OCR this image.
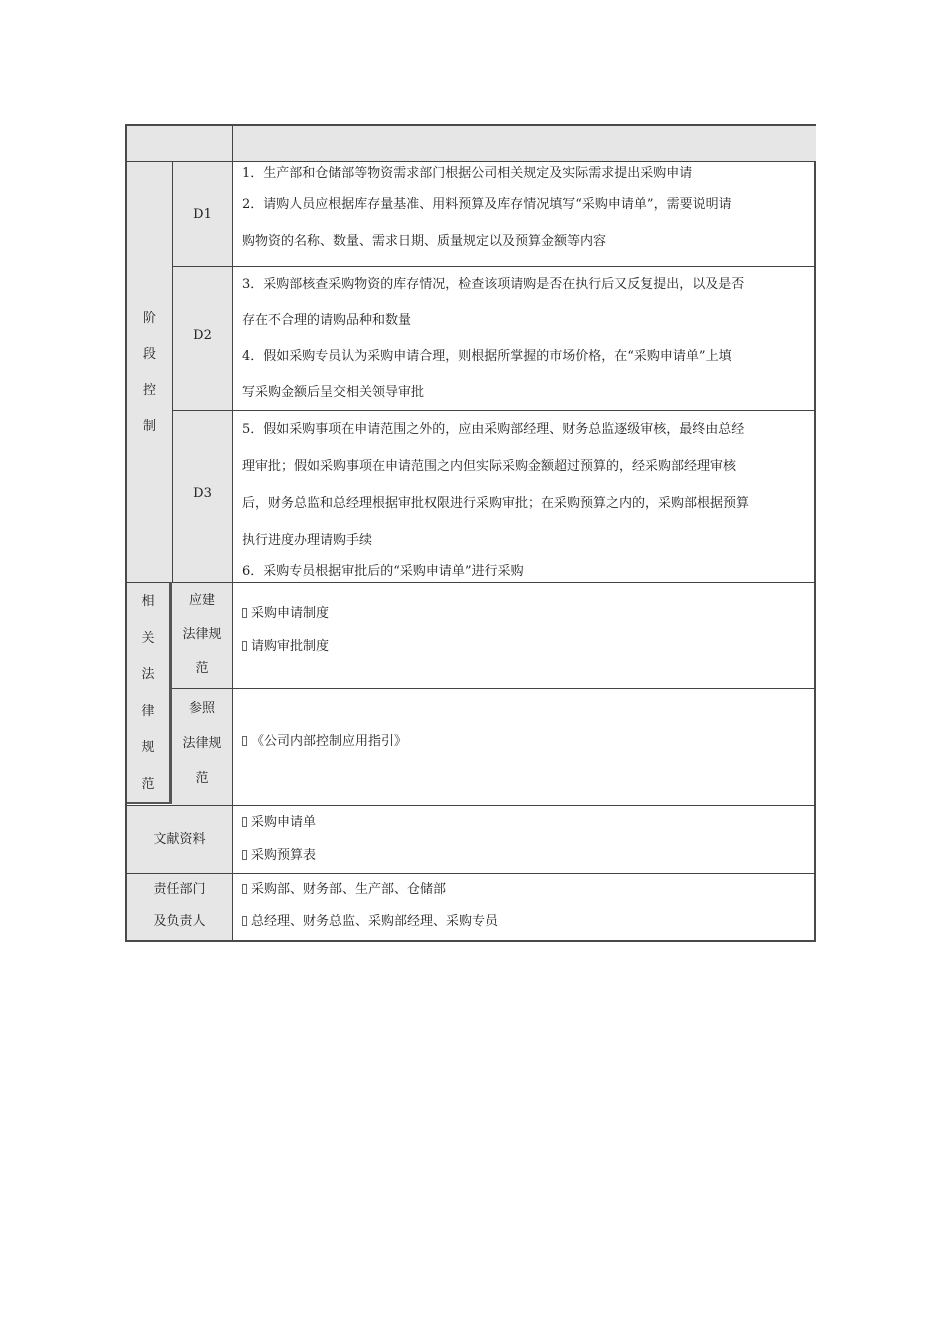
阶
段
控
制
D1

1．生产部和仓储部等物资需求部门根据公司相关规定及实际需求提出采购申请

2．请购人员应根据库存量基准、用料预算及库存情况填写“采购申请单”，需要说明请

购物资的名称、数量、需求日期、质量规定以及预算金额等内容

D2

3．采购部核查采购物资的库存情况，检查该项请购是否在执行后又反复提出，以及是否

存在不合理的请购品种和数量

4．假如采购专员认为采购申请合理，则根据所掌握的市场价格，在“采购申请单”上填

写采购金额后呈交相关领导审批

D3

5．假如采购事项在申请范围之外的，应由采购部经理、财务总监逐级审核，最终由总经

理审批；假如采购事项在申请范围之内但实际采购金额超过预算的，经采购部经理审核

后，财务总监和总经理根据审批权限进行采购审批；在采购预算之内的，采购部根据预算

执行进度办理请购手续

6．采购专员根据审批后的“采购申请单”进行采购

相
关
法
律
规
范
应建
法律规
范

采购申请制度

请购审批制度

参照
法律规
范

《公司内部控制应用指引》

文献资料

采购申请单

采购预算表

责任部门
及负责人

采购部、财务部、生产部、仓储部

总经理、财务总监、采购部经理、采购专员
